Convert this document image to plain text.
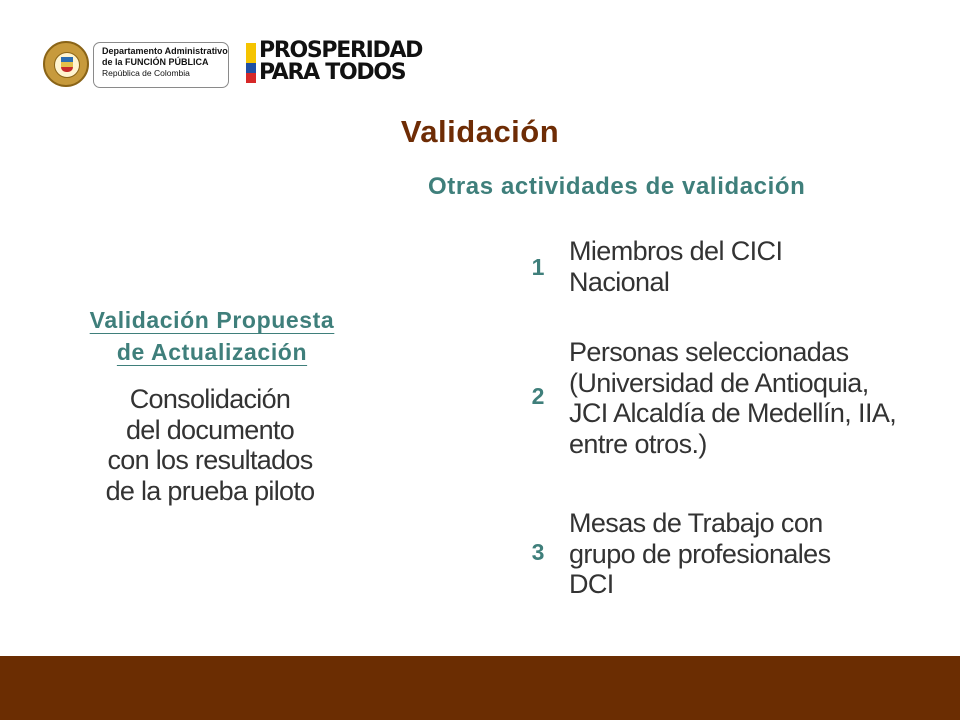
Departamento Administrativo
de la FUNCIÓN PÚBLICA
República de Colombia
PROSPERIDAD
PARA TODOS
Validación
Otras actividades de validación
Validación Propuesta
de Actualización
Consolidación
del documento
con los resultados
de la prueba piloto
1
Miembros del CICI
Nacional
2
Personas seleccionadas
(Universidad de Antioquia,
JCI Alcaldía de Medellín, IIA,
entre otros.)
3
Mesas de Trabajo con
grupo de profesionales
DCI
